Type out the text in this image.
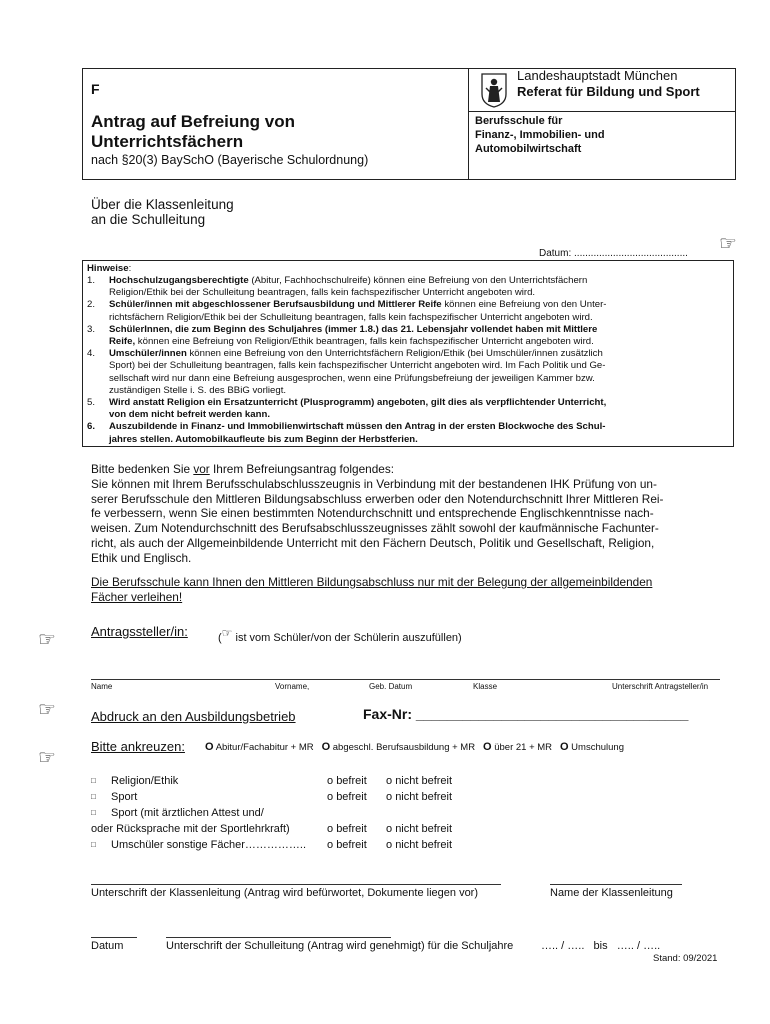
F
Antrag auf Befreiung von
Unterrichtsfächern
nach §20(3) BaySchO (Bayerische Schulordnung)
Landeshauptstadt München
Referat für Bildung und Sport
Berufsschule für
Finanz-, Immobilien- und
Automobilwirtschaft
Über die Klassenleitung
an die Schulleitung
Datum: ......................................... ☞
Hinweise:
1. Hochschulzugangsberechtigte (Abitur, Fachhochschulreife) können eine Befreiung von den Unterrichtsfächern
Religion/Ethik bei der Schulleitung beantragen, falls kein fachspezifischer Unterricht angeboten wird.
2. Schüler/innen mit abgeschlossener Berufsausbildung und Mittlerer Reife können eine Befreiung von den Unter-
richtsfächern Religion/Ethik bei der Schulleitung beantragen, falls kein fachspezifischer Unterricht angeboten wird.
3. SchülerInnen, die zum Beginn des Schuljahres (immer 1.8.) das 21. Lebensjahr vollendet haben mit Mittlere
Reife, können eine Befreiung von Religion/Ethik beantragen, falls kein fachspezifischer Unterricht angeboten wird.
4. Umschüler/innen können eine Befreiung von den Unterrichtsfächern Religion/Ethik (bei Umschüler/innen zusätzlich
Sport) bei der Schulleitung beantragen, falls kein fachspezifischer Unterricht angeboten wird. Im Fach Politik und Ge-
sellschaft wird nur dann eine Befreiung ausgesprochen, wenn eine Prüfungsbefreiung der jeweiligen Kammer bzw.
zuständigen Stelle i. S. des BBiG vorliegt.
5. Wird anstatt Religion ein Ersatzunterricht (Plusprogramm) angeboten, gilt dies als verpflichtender Unterricht,
von dem nicht befreit werden kann.
6. Auszubildende in Finanz- und Immobilienwirtschaft müssen den Antrag in der ersten Blockwoche des Schul-
jahres stellen. Automobilkaufleute bis zum Beginn der Herbstferien.
Bitte bedenken Sie vor Ihrem Befreiungsantrag folgendes:
Sie können mit Ihrem Berufsschulabschlusszeugnis in Verbindung mit der bestandenen IHK Prüfung von un-
serer Berufsschule den Mittleren Bildungsabschluss erwerben oder den Notendurchschnitt Ihrer Mittleren Rei-
fe verbessern, wenn Sie einen bestimmten Notendurchschnitt und entsprechende Englischkenntnisse nach-
weisen. Zum Notendurchschnitt des Berufsabschlusszeugnisses zählt sowohl der kaufmännische Fachunter-
richt, als auch der Allgemeinbildende Unterricht mit den Fächern Deutsch, Politik und Gesellschaft, Religion,
Ethik und Englisch.
Die Berufsschule kann Ihnen den Mittleren Bildungsabschluss nur mit der Belegung der allgemeinbildenden
Fächer verleihen!
☞	Antragssteller/in:	(☞ ist vom Schüler/von der Schülerin auszufüllen)
Name	Vorname,	Geb. Datum	Klasse	Unterschrift Antragsteller/in
☞	Abdruck an den Ausbildungsbetrieb	Fax-Nr: ___________________________________
☞
Bitte ankreuzen: O Abitur/Fachabitur + MR O abgeschl. Berufsausbildung + MR O über 21 + MR O Umschulung
□ Religion/Ethik	o befreit o nicht befreit
□ Sport	o befreit o nicht befreit
□ Sport (mit ärztlichen Attest und/
oder Rücksprache mit der Sportlehrkraft)	o befreit o nicht befreit
□ Umschüler sonstige Fächer…………….. o befreit o nicht befreit
Unterschrift der Klassenleitung (Antrag wird befürwortet, Dokumente liegen vor)	Name der Klassenleitung
Datum	Unterschrift der Schulleitung (Antrag wird genehmigt) für die Schuljahre	….. / …..   bis   ….. / …..
Stand: 09/2021
